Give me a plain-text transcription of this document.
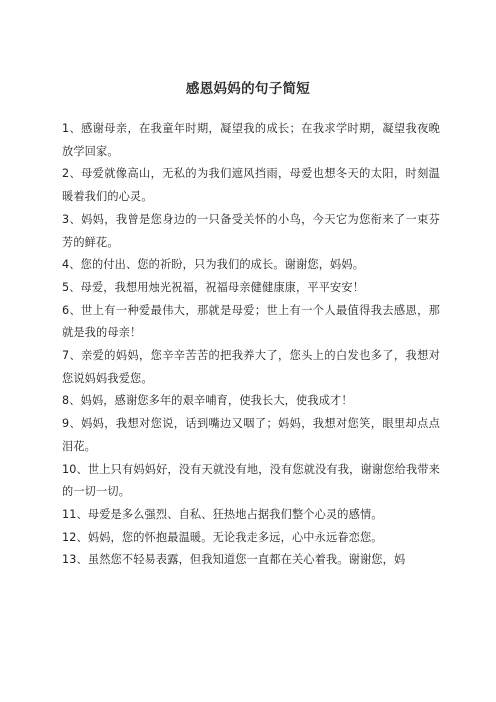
感恩妈妈的句子简短

1、感谢母亲，在我童年时期，凝望我的成长；在我求学时期，凝望我夜晚放学回家。

2、母爱就像高山，无私的为我们遮风挡雨，母爱也想冬天的太阳，时刻温暖着我们的心灵。

3、妈妈，我曾是您身边的一只备受关怀的小鸟，今天它为您衔来了一束芬芳的鲜花。

4、您的付出、您的祈盼，只为我们的成长。谢谢您，妈妈。

5、母爱，我想用烛光祝福，祝福母亲健健康康，平平安安！

6、世上有一种爱最伟大，那就是母爱；世上有一个人最值得我去感恩，那就是我的母亲！

7、亲爱的妈妈，您辛辛苦苦的把我养大了，您头上的白发也多了，我想对您说妈妈我爱您。

8、妈妈，感谢您多年的艰辛哺育，使我长大，使我成才！

9、妈妈，我想对您说，话到嘴边又咽了；妈妈，我想对您笑，眼里却点点泪花。

10、世上只有妈妈好，没有天就没有地，没有您就没有我，谢谢您给我带来的一切一切。

11、母爱是多么强烈、自私、狂热地占据我们整个心灵的感情。

12、妈妈，您的怀抱最温暖。无论我走多远，心中永远眷恋您。

13、虽然您不轻易表露，但我知道您一直都在关心着我。谢谢您，妈
